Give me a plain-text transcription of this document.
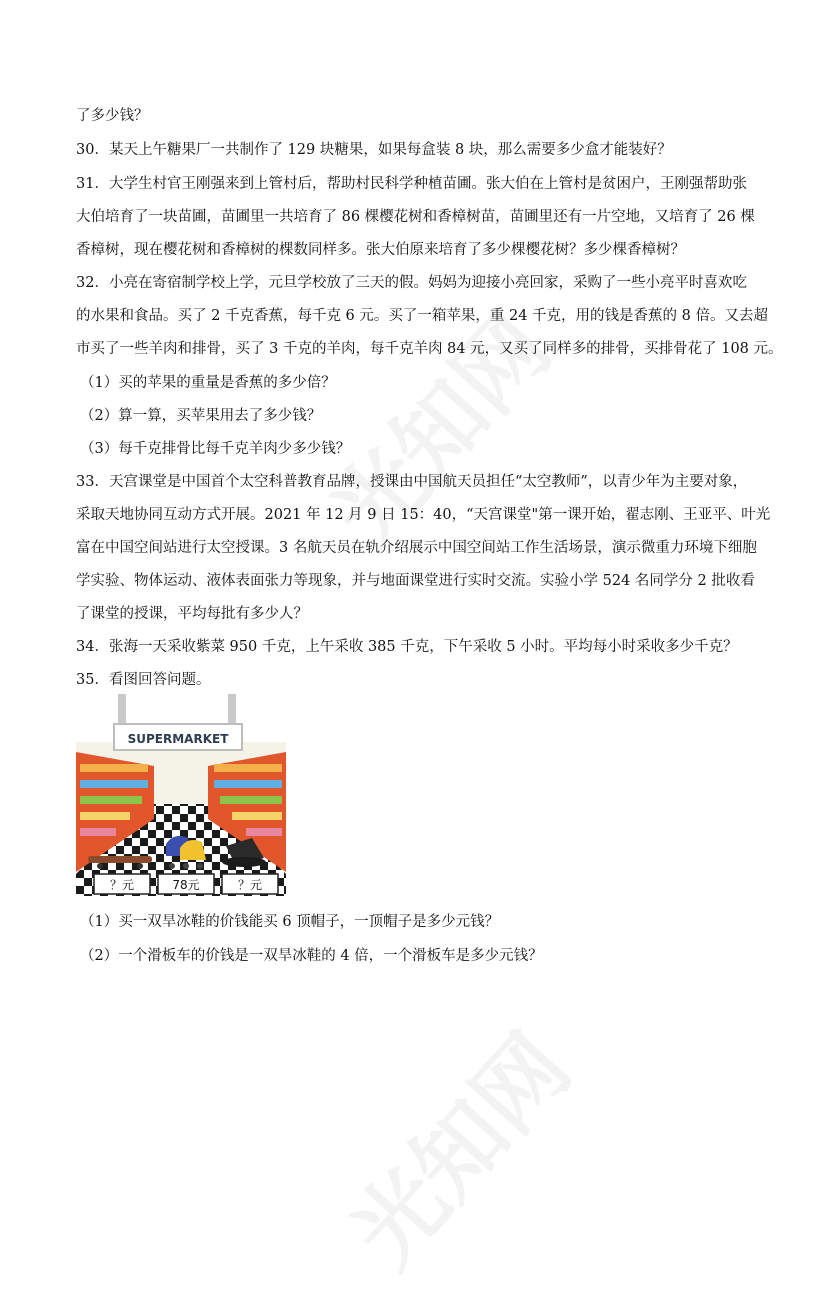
了多少钱？
30．某天上午糖果厂一共制作了 129 块糖果，如果每盒装 8 块，那么需要多少盒才能装好？
31．大学生村官王刚强来到上管村后，帮助村民科学种植苗圃。张大伯在上管村是贫困户，王刚强帮助张
大伯培育了一块苗圃，苗圃里一共培育了 86 棵樱花树和香樟树苗，苗圃里还有一片空地，又培育了 26 棵
香樟树，现在樱花树和香樟树的棵数同样多。张大伯原来培育了多少棵樱花树？多少棵香樟树？
32．小亮在寄宿制学校上学，元旦学校放了三天的假。妈妈为迎接小亮回家，采购了一些小亮平时喜欢吃
的水果和食品。买了 2 千克香蕉，每千克 6 元。买了一箱苹果，重 24 千克，用的钱是香蕉的 8 倍。又去超
市买了一些羊肉和排骨，买了 3 千克的羊肉，每千克羊肉 84 元，又买了同样多的排骨，买排骨花了 108 元。
（1）买的苹果的重量是香蕉的多少倍？
（2）算一算，买苹果用去了多少钱？
（3）每千克排骨比每千克羊肉少多少钱？
33．天宫课堂是中国首个太空科普教育品牌，授课由中国航天员担任“太空教师”，以青少年为主要对象，
采取天地协同互动方式开展。2021 年 12 月 9 日 15：40，“天宫课堂"第一课开始，翟志刚、王亚平、叶光
富在中国空间站进行太空授课。3 名航天员在轨介绍展示中国空间站工作生活场景，演示微重力环境下细胞
学实验、物体运动、液体表面张力等现象，并与地面课堂进行实时交流。实验小学 524 名同学分 2 批收看
了课堂的授课，平均每批有多少人？
34．张海一天采收紫菜 950 千克，上午采收 385 千克，下午采收 5 小时。平均每小时采收多少千克？
35．看图回答问题。
SUPERMARKET
？元	78元	？元
（1）买一双旱冰鞋的价钱能买 6 顶帽子，一顶帽子是多少元钱？
（2）一个滑板车的价钱是一双旱冰鞋的 4 倍，一个滑板车是多少元钱？
